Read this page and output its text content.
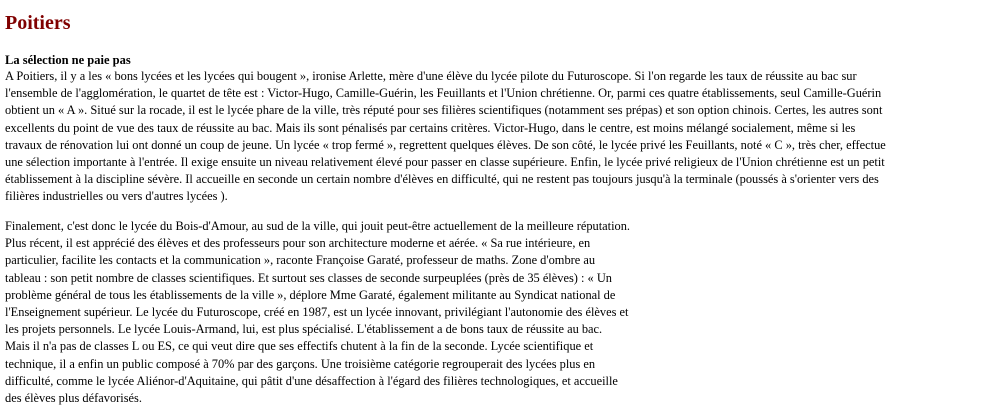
Poitiers
La sélection ne paie pas

A Poitiers, il y a les « bons lycées et les lycées qui bougent », ironise Arlette, mère d'une élève du lycée pilote du Futuroscope. Si l'on regarde les taux de réussite au bac sur
l'ensemble de l'agglomération, le quartet de tête est : Victor-Hugo, Camille-Guérin, les Feuillants et l'Union chrétienne. Or, parmi ces quatre établissements, seul Camille-Guérin
obtient un « A ». Situé sur la rocade, il est le lycée phare de la ville, très réputé pour ses filières scientifiques (notamment ses prépas) et son option chinois. Certes, les autres sont
excellents du point de vue des taux de réussite au bac. Mais ils sont pénalisés par certains critères. Victor-Hugo, dans le centre, est moins mélangé socialement, même si les
travaux de rénovation lui ont donné un coup de jeune. Un lycée « trop fermé », regrettent quelques élèves. De son côté, le lycée privé les Feuillants, noté « C », très cher, effectue
une sélection importante à l'entrée. Il exige ensuite un niveau relativement élevé pour passer en classe supérieure. Enfin, le lycée privé religieux de l'Union chrétienne est un petit
établissement à la discipline sévère. Il accueille en seconde un certain nombre d'élèves en difficulté, qui ne restent pas toujours jusqu'à la terminale (poussés à s'orienter vers des
filières industrielles ou vers d'autres lycées ).

Finalement, c'est donc le lycée du Bois-d'Amour, au sud de la ville, qui jouit peut-être actuellement de la meilleure réputation.
Plus récent, il est apprécié des élèves et des professeurs pour son architecture moderne et aérée. « Sa rue intérieure, en
particulier, facilite les contacts et la communication », raconte Françoise Garaté, professeur de maths. Zone d'ombre au
tableau : son petit nombre de classes scientifiques. Et surtout ses classes de seconde surpeuplées (près de 35 élèves) : « Un
problème général de tous les établissements de la ville », déplore Mme Garaté, également militante au Syndicat national de
l'Enseignement supérieur. Le lycée du Futuroscope, créé en 1987, est un lycée innovant, privilégiant l'autonomie des élèves et
les projets personnels. Le lycée Louis-Armand, lui, est plus spécialisé. L'établissement a de bons taux de réussite au bac.
Mais il n'a pas de classes L ou ES, ce qui veut dire que ses effectifs chutent à la fin de la seconde. Lycée scientifique et
technique, il a enfin un public composé à 70% par des garçons. Une troisième catégorie regrouperait des lycées plus en
difficulté, comme le lycée Aliénor-d'Aquitaine, qui pâtit d'une désaffection à l'égard des filières technologiques, et accueille
des élèves plus défavorisés.
